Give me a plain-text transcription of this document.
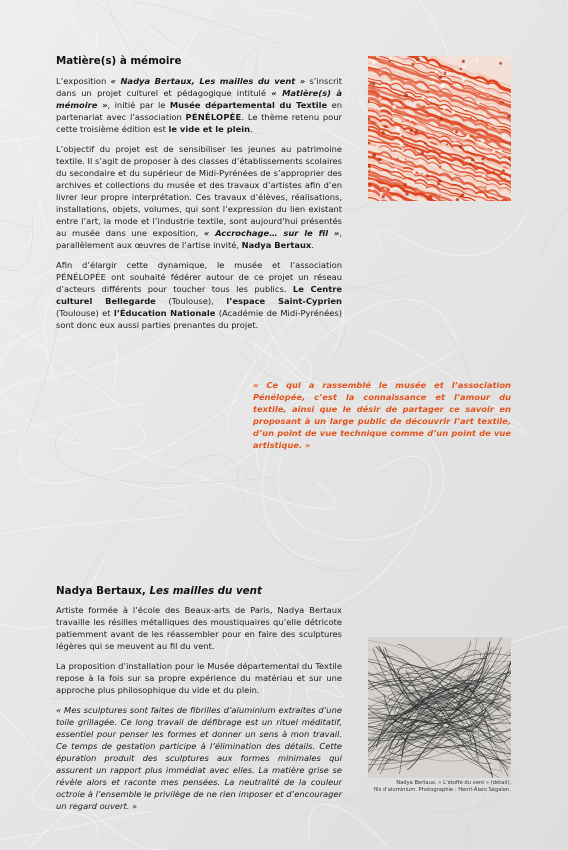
Matière(s) à mémoire

L’exposition « Nadya Bertaux, Les mailles du vent » s’inscrit dans un projet culturel et pédagogique intitulé « Matière(s) à mémoire », initié par le Musée départemental du Textile en partenariat avec l’association PÉNÉLOPÉE. Le thème retenu pour cette troisième édition est le vide et le plein.

L’objectif du projet est de sensibiliser les jeunes au patrimoine textile. Il s’agit de proposer à des classes d’établissements scolaires du secondaire et du supérieur de Midi-Pyrénées de s’approprier des archives et collections du musée et des travaux d’artistes afin d’en livrer leur propre interprétation. Ces travaux d’élèves, réalisations, installations, objets, volumes, qui sont l’expression du lien existant entre l’art, la mode et l’industrie textile, sont aujourd’hui présentés au musée dans une exposition, « Accrochage… sur le fil », parallèlement aux œuvres de l’artise invité, Nadya Bertaux.

Afin d’élargir cette dynamique, le musée et l’association PÉNÉLOPÉE ont souhaité fédérer autour de ce projet un réseau d’acteurs différents pour toucher tous les publics. Le Centre culturel Bellegarde (Toulouse), l’espace Saint-Cyprien (Toulouse) et l’Éducation Nationale (Académie de Midi-Pyrénées) sont donc eux aussi parties prenantes du projet.

« Ce qui a rassemblé le musée et l’association Pénélopée, c’est la connaissance et l’amour du textile, ainsi que le désir de partager ce savoir en proposant à un large public de découvrir l’art textile, d’un point de vue technique comme d’un point de vue artistique. »

Nadya Bertaux, Les mailles du vent

Artiste formée à l’école des Beaux-arts de Paris, Nadya Bertaux travaille les résilles métalliques des moustiquaires qu’elle détricote patiemment avant de les réassembler pour en faire des sculptures légères qui se meuvent au fil du vent.

La proposition d’installation pour le Musée départemental du Textile repose à la fois sur sa propre expérience du matériau et sur une approche plus philosophique du vide et du plein.

« Mes sculptures sont faites de fibrilles d’aluminium extraites d’une toile grillagée. Ce long travail de défibrage est un rituel méditatif, essentiel pour penser les formes et donner un sens à mon travail. Ce temps de gestation participe à l’élimination des détails. Cette épuration produit des sculptures aux formes minimales qui assurent un rapport plus immédiat avec elles. La matière grise se révèle alors et raconte mes pensées. La neutralité de la couleur octroie à l’ensemble le privilège de ne rien imposer et d’encourager un regard ouvert. »

Nadya Bertaux, « L’étoffe du vent » (détail),
fils d’aluminium. Photographie : Henri-Alain Ségalen.
